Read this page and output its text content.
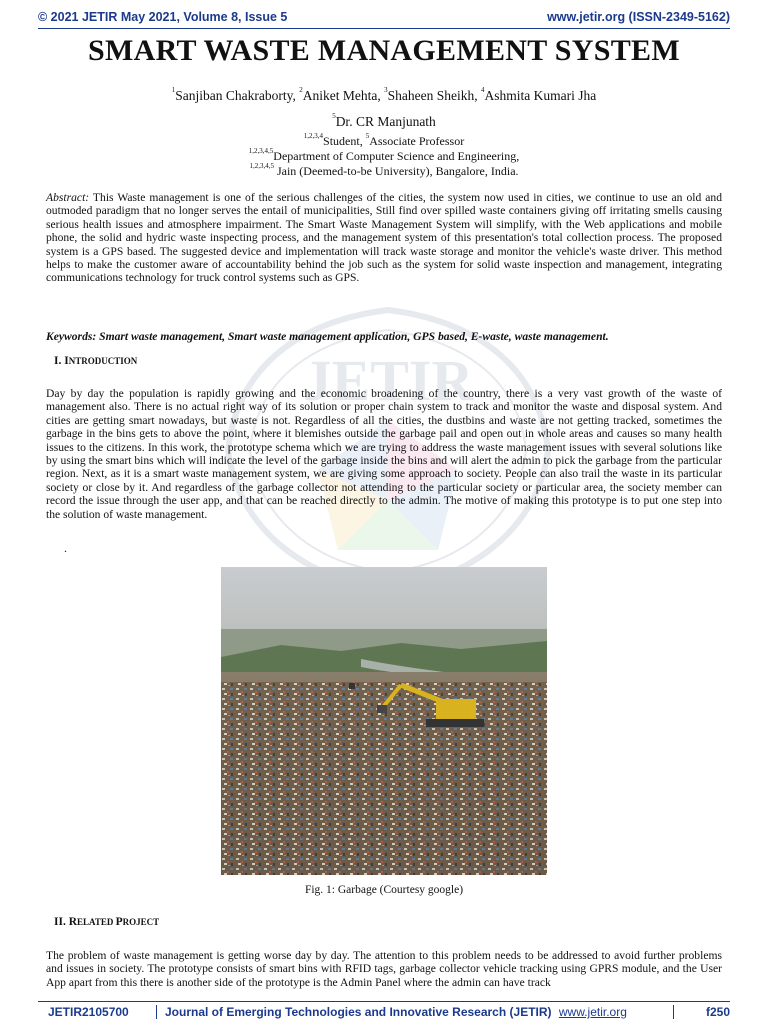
© 2021 JETIR May 2021, Volume 8, Issue 5	www.jetir.org (ISSN-2349-5162)
JETIR
SMART WASTE MANAGEMENT SYSTEM
$^1$Sanjiban Chakraborty, $^2$Aniket Mehta, $^3$Shaheen Sheikh, $^4$Ashmita Kumari Jha
$^5$Dr. CR Manjunath
$^{1,2,3,4}$Student, $^5$Associate Professor
$^{1,2,3,4,5}$Department of Computer Science and Engineering,
$^{1,2,3,4,5}$ Jain (Deemed-to-be University), Bangalore, India.

Abstract: This Waste management is one of the serious challenges of the cities, the system now used in cities, we continue to use an old and outmoded paradigm that no longer serves the entail of municipalities, Still find over spilled waste containers giving off irritating smells causing serious health issues and atmosphere impairment. The Smart Waste Management System will simplify, with the Web applications and mobile phone, the solid and hydric waste inspecting process, and the management system of this presentation's total collection process. The proposed system is a GPS based. The suggested device and implementation will track waste storage and monitor the vehicle's waste driver. This method helps to make the customer aware of accountability behind the job such as the system for solid waste inspection and management, integrating communications technology for truck control systems such as GPS.

Keywords: Smart waste management, Smart waste management application, GPS based, E-waste, waste management.

I. INTRODUCTION

Day by day the population is rapidly growing and the economic broadening of the country, there is a very vast growth of the waste of management also. There is no actual right way of its solution or proper chain system to track and monitor the waste and disposal system. And cities are getting smart nowadays, but waste is not. Regardless of all the cities, the dustbins and waste are not getting tracked, sometimes the garbage in the bins gets to above the point, where it blemishes outside the garbage pail and open out in whole areas and causes so many health issues to the citizens. In this work, the prototype schema which we are trying to address the waste management issues with several solutions like by using the smart bins which will indicate the level of the garbage inside the bins and will alert the admin to pick the garbage from the particular region. Next, as it is a smart waste management system, we are giving some approach to society. People can also trail the waste in its particular society or close by it. And regardless of the garbage collector not attending to the particular society or particular area, the society member can record the issue through the user app, and that can be reached directly to the admin. The motive of making this prototype is to put one step into the solution of waste management.

.
Fig. 1: Garbage (Courtesy google)
II. RELATED PROJECT

The problem of waste management is getting worse day by day. The attention to this problem needs to be addressed to avoid further problems and issues in society. The prototype consists of smart bins with RFID tags, garbage collector vehicle tracking using GPRS module, and the User App apart from this there is another side of the prototype is the Admin Panel where the admin can have track

JETIR2105700	Journal of Emerging Technologies and Innovative Research (JETIR) www.jetir.org	f250
